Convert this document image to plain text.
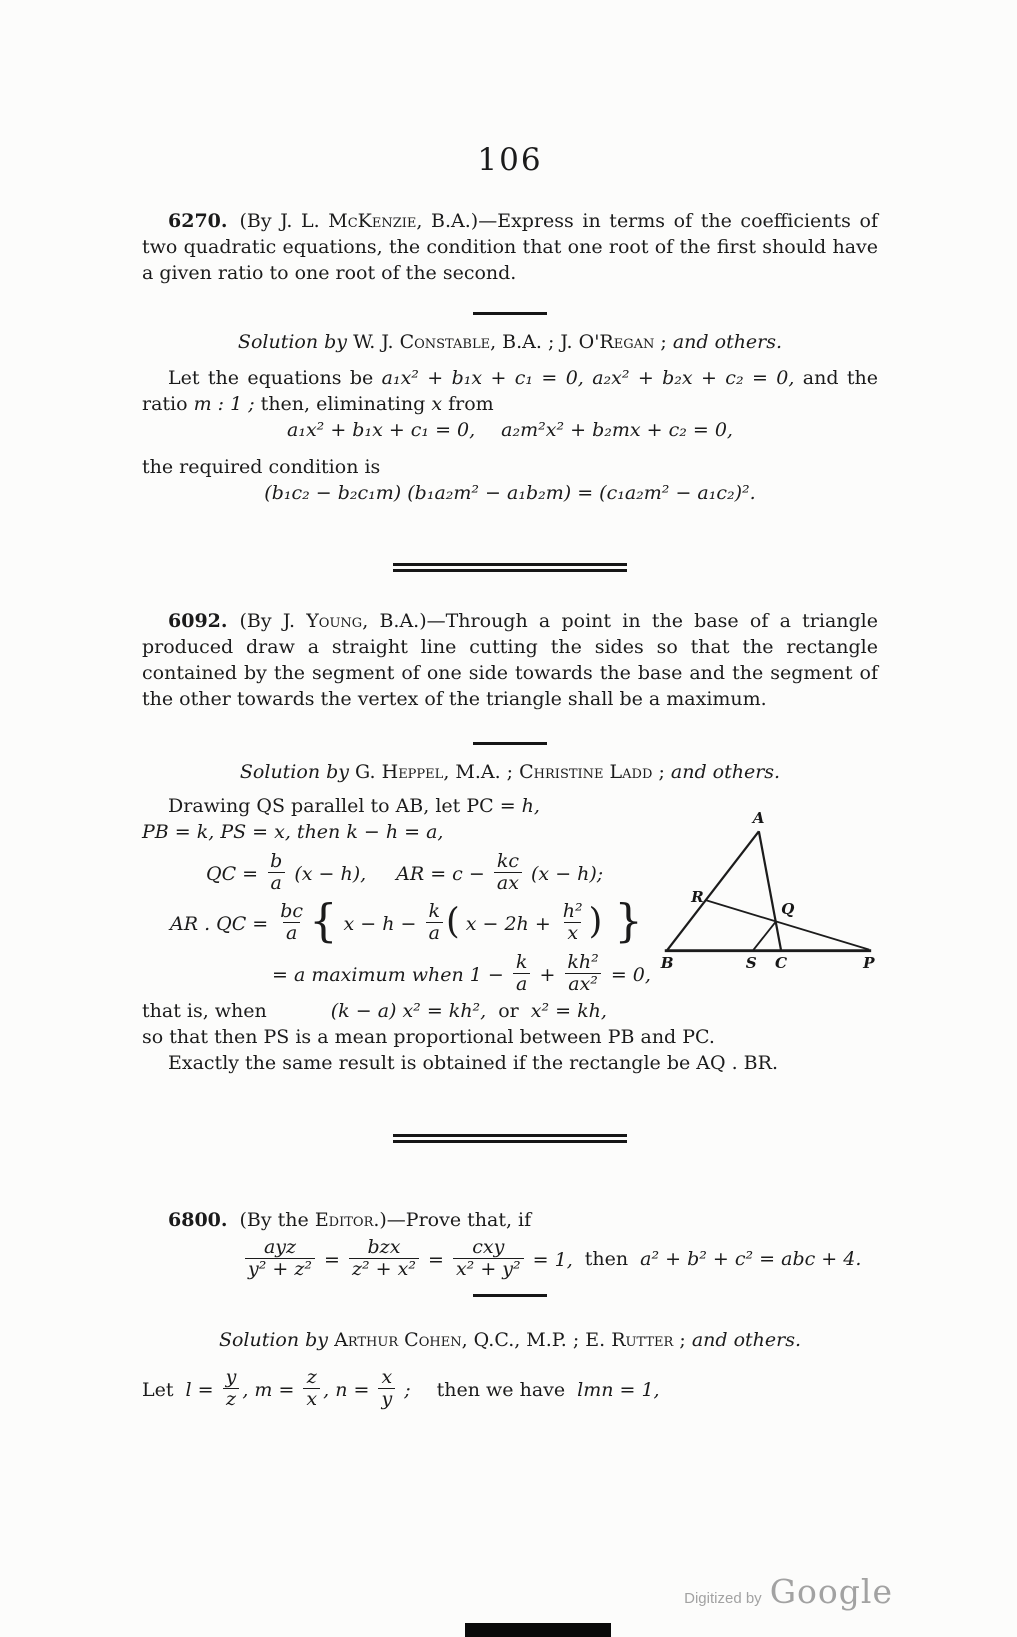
106

6270. (By J. L. McKenzie, B.A.)—Express in terms of the coefficients of two quadratic equations, the condition that one root of the first should have a given ratio to one root of the second.

Solution by W. J. Constable, B.A. ; J. O'Regan ; and others.

Let the equations be a₁x² + b₁x + c₁ = 0, a₂x² + b₂x + c₂ = 0, and the ratio m : 1 ; then, eliminating x from

a₁x² + b₁x + c₁ = 0, a₂m²x² + b₂mx + c₂ = 0,

the required condition is

(b₁c₂ − b₂c₁m) (b₁a₂m² − a₁b₂m) = (c₁a₂m² − a₁c₂)².

6092. (By J. Young, B.A.)—Through a point in the base of a triangle produced draw a straight line cutting the sides so that the rectangle contained by the segment of one side towards the base and the segment of the other towards the vertex of the triangle shall be a maximum.

Solution by G. Heppel, M.A. ; Christine Ladd ; and others.

A
R
Q
B	S C	P

Drawing QS parallel to AB, let PC = h,

PB = k, PS = x, then k − h = a,

QC = $\frac{b}{a} (x - h)$, AR = $c - \frac{kc}{ax} (x - h)$;

AR . QC = $\frac{bc}{a}$ { $x - h - \frac{k}{a}$ ( $x - 2h + \frac{\text{h²}}{x}$ ) }

= a maximum when $1 - \frac{k}{a} + \frac{\text{kh²}}{\text{ax²}} = 0$,

that is, when	(k − a) x² = kh², or x² = kh,

so that then PS is a mean proportional between PB and PC.

Exactly the same result is obtained if the rectangle be AQ . BR.

6800. (By the Editor.)—Prove that, if

$\frac{\text{ayz}}{\text{y² + z²}} = \frac{\text{bzx}}{\text{z² + x²}} = \frac{\text{cxy}}{\text{x² + y²}} = 1$, then a² + b² + c² = abc + 4.

Solution by Arthur Cohen, Q.C., M.P. ; E. Rutter ; and others.

Let $l = \frac{y}{z}$ , $m = \frac{z}{x}$ , $n = \frac{x}{y}$ ; then we have lmn = 1,

Digitized by Google
